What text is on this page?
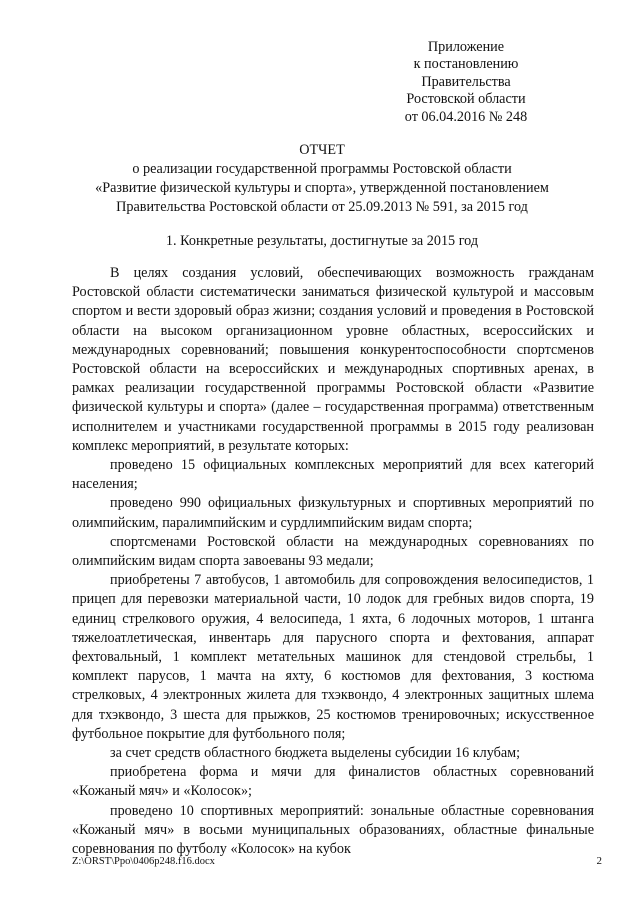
Приложение
к постановлению
Правительства
Ростовской области
от 06.04.2016 № 248
ОТЧЕТ
о реализации государственной программы Ростовской области
«Развитие физической культуры и спорта», утвержденной постановлением
Правительства Ростовской области от 25.09.2013 № 591, за 2015 год
1. Конкретные результаты, достигнутые за 2015 год

В целях создания условий, обеспечивающих возможность гражданам Ростовской области систематически заниматься физической культурой и массовым спортом и вести здоровый образ жизни; создания условий и проведения в Ростовской области на высоком организационном уровне областных, всероссийских и международных соревнований; повышения конкурентоспособности спортсменов Ростовской области на всероссийских и международных спортивных аренах, в рамках реализации государственной программы Ростовской области «Развитие физической культуры и спорта» (далее – государственная программа) ответственным исполнителем и участниками государственной программы в 2015 году реализован комплекс мероприятий, в результате которых:

проведено 15 официальных комплексных мероприятий для всех категорий населения;

проведено 990 официальных физкультурных и спортивных мероприятий по олимпийским, паралимпийским и сурдлимпийским видам спорта;

спортсменами Ростовской области на международных соревнованиях по олимпийским видам спорта завоеваны 93 медали;

приобретены 7 автобусов, 1 автомобиль для сопровождения велосипедистов, 1 прицеп для перевозки материальной части, 10 лодок для гребных видов спорта, 19 единиц стрелкового оружия, 4 велосипеда, 1 яхта, 6 лодочных моторов, 1 штанга тяжелоатлетическая, инвентарь для парусного спорта и фехтования, аппарат фехтовальный, 1 комплект метательных машинок для стендовой стрельбы, 1 комплект парусов, 1 мачта на яхту, 6 костюмов для фехтования, 3 костюма стрелковых, 4 электронных жилета для тхэквондо, 4 электронных защитных шлема для тхэквондо, 3 шеста для прыжков, 25 костюмов тренировочных; искусственное футбольное покрытие для футбольного поля;

за счет средств областного бюджета выделены субсидии 16 клубам;

приобретена форма и мячи для финалистов областных соревнований «Кожаный мяч» и «Колосок»;

проведено 10 спортивных мероприятий: зональные областные соревнования «Кожаный мяч» в восьми муниципальных образованиях, областные финальные соревнования по футболу «Колосок» на кубок

Z:\ORST\Ppo\0406p248.f16.docx	2
